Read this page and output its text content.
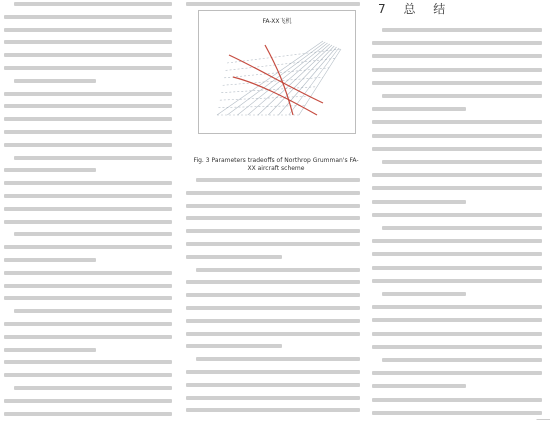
FA-XX飞机
Fig. 3 Parameters tradeoffs of Northrop Grumman's FA-XX aircraft scheme
7 总 结
⎯⎯⎯
